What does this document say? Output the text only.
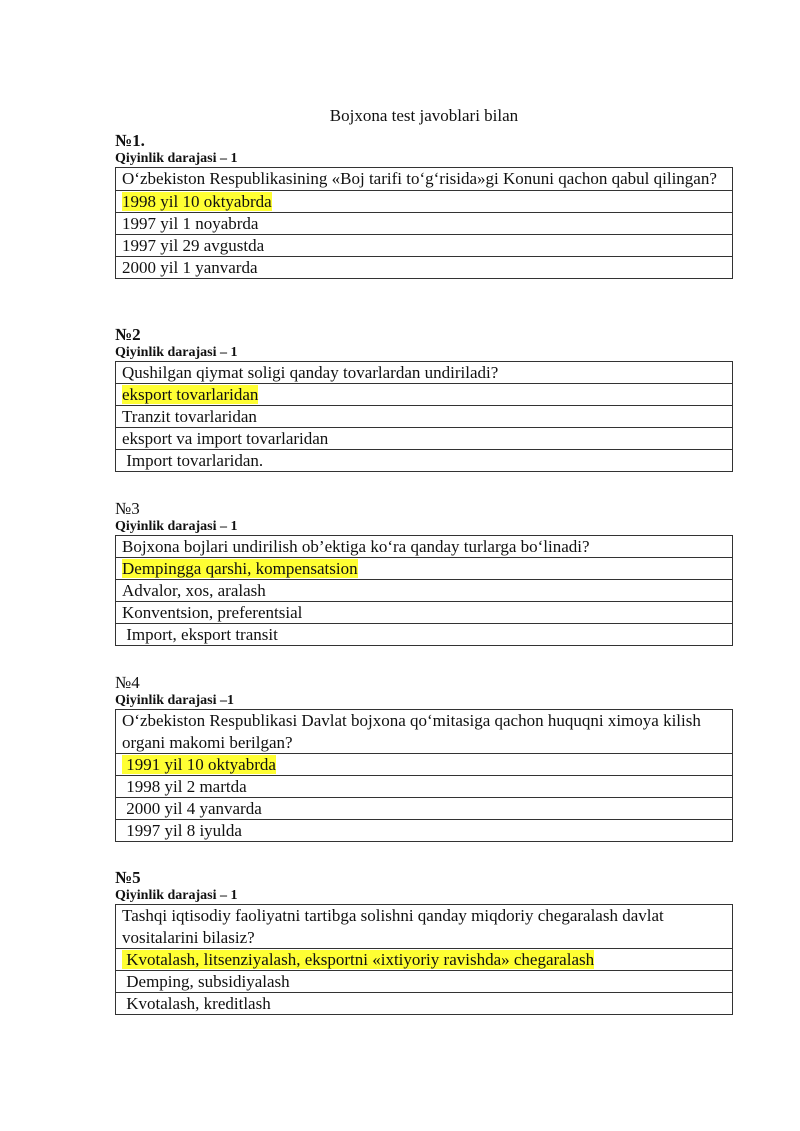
Bojxona test javoblari bilan
№1.
Qiyinlik darajasi – 1
O‘zbekiston Respublikasining «Boj tarifi to‘g‘risida»gi Konuni qachon qabul qilingan?
1998 yil 10 oktyabrda
1997 yil 1 noyabrda
1997 yil 29 avgustda
2000 yil 1 yanvarda
№2
Qiyinlik darajasi – 1
Qushilgan qiymat soligi qanday tovarlardan undiriladi?
eksport tovarlaridan
Tranzit tovarlaridan
eksport va import tovarlaridan
Import tovarlaridan.
№3
Qiyinlik darajasi – 1
Bojxona bojlari undirilish ob’ektiga ko‘ra qanday turlarga bo‘linadi?
Dempingga qarshi, kompensatsion
Advalor, xos, aralash
Konventsion, preferentsial
Import, eksport transit
№4
Qiyinlik darajasi –1
O‘zbekiston Respublikasi Davlat bojxona qo‘mitasiga qachon huquqni ximoya kilish organi makomi berilgan?
1991 yil 10 oktyabrda
1998 yil 2 martda
2000 yil 4 yanvarda
1997 yil 8 iyulda
№5
Qiyinlik darajasi – 1
Tashqi iqtisodiy faoliyatni tartibga solishni qanday miqdoriy chegaralash davlat vositalarini bilasiz?
Kvotalash, litsenziyalash, eksportni «ixtiyoriy ravishda» chegaralash
Demping, subsidiyalash
Kvotalash, kreditlash
